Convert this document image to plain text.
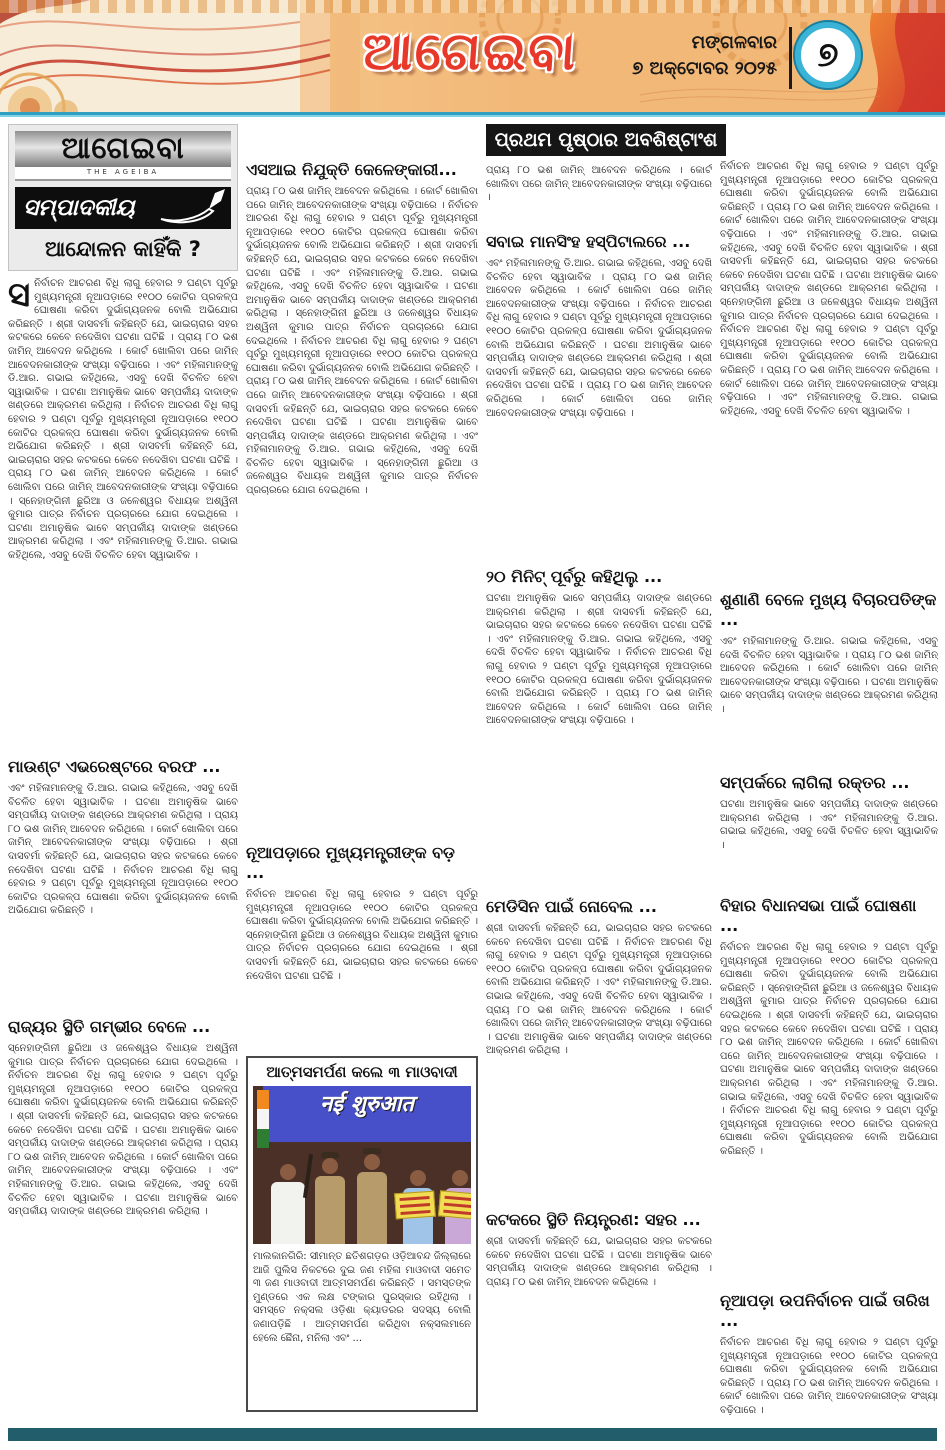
ଆଗେଇବା	ମଙ୍ଗଳବାର
୭ ଅକ୍ଟୋବର ୨୦୨୫ ୭
ଆଗେଇବା
THE AGEIBA
ସମ୍ପାଦକୀୟ
ଆନ୍ଦୋଳନ କାହିଁକି ?
ସନିର୍ବାଚନ ଆଚରଣ ବିଧି ଲାଗୁ ହେବାର ୨ ଘଣ୍ଟା ପୂର୍ବରୁ ମୁଖ୍ୟମନ୍ତ୍ରୀ ନୂଆପଡ଼ାରେ ୧୧୦୦ କୋଟିର ପ୍ରକଳ୍ପ ଘୋଷଣା କରିବା ଦୁର୍ଭାଗ୍ୟଜନକ ବୋଲି ଅଭିଯୋଗ କରିଛନ୍ତି । ଶ୍ରୀ ଦାସବର୍ମା କହିଛନ୍ତି ଯେ, ଭାଇଚାରାର ସହର କଟକରେ କେବେ ନଦେଖିବା ଘଟଣା ଘଟିଛି । ପ୍ରାୟ ୮୦ ଭଶ ଜାମିନ୍ ଆବେଦନ କରିଥିଲେ । କୋର୍ଟ ଖୋଲିବା ପରେ ଜାମିନ୍ ଆବେଦନକାରୀଙ୍କ ସଂଖ୍ୟା ବଢ଼ିପାରେ । ଏବଂ ମହିଳାମାନଙ୍କୁ ଡି.ଆର. ଗଭାଇ କହିଥିଲେ, ଏସବୁ ଦେଖି ବିଚଳିତ ହେବା ସ୍ୱାଭାବିକ । ଘଟଣା ଅମାନୁଷିକ ଭାବେ ସମ୍ପର୍କୀୟ ଦାଦାଙ୍କ ଖଣ୍ଡରେ ଆକ୍ରମଣ କରିଥିଲା । ନିର୍ବାଚନ ଆଚରଣ ବିଧି ଲାଗୁ ହେବାର ୨ ଘଣ୍ଟା ପୂର୍ବରୁ ମୁଖ୍ୟମନ୍ତ୍ରୀ ନୂଆପଡ଼ାରେ ୧୧୦୦ କୋଟିର ପ୍ରକଳ୍ପ ଘୋଷଣା କରିବା ଦୁର୍ଭାଗ୍ୟଜନକ ବୋଲି ଅଭିଯୋଗ କରିଛନ୍ତି । ଶ୍ରୀ ଦାସବର୍ମା କହିଛନ୍ତି ଯେ, ଭାଇଚାରାର ସହର କଟକରେ କେବେ ନଦେଖିବା ଘଟଣା ଘଟିଛି । ପ୍ରାୟ ୮୦ ଭଶ ଜାମିନ୍ ଆବେଦନ କରିଥିଲେ । କୋର୍ଟ ଖୋଲିବା ପରେ ଜାମିନ୍ ଆବେଦନକାରୀଙ୍କ ସଂଖ୍ୟା ବଢ଼ିପାରେ । ସ୍ନେହାଙ୍ଗିନୀ ଛୁରିଆ ଓ ଜଳେଶ୍ୱର ବିଧାୟକ ଅଶ୍ୱିନୀ କୁମାର ପାତ୍ର ନିର୍ବାଚନ ପ୍ରଚାରରେ ଯୋଗ ଦେଇଥିଲେ । ଘଟଣା ଅମାନୁଷିକ ଭାବେ ସମ୍ପର୍କୀୟ ଦାଦାଙ୍କ ଖଣ୍ଡରେ ଆକ୍ରମଣ କରିଥିଲା । ଏବଂ ମହିଳାମାନଙ୍କୁ ଡି.ଆର. ଗଭାଇ କହିଥିଲେ, ଏସବୁ ଦେଖି ବିଚଳିତ ହେବା ସ୍ୱାଭାବିକ ।
ମାଉଣ୍ଟ ଏଭରେଷ୍ଟରେ ବରଫ ...
ଏବଂ ମହିଳାମାନଙ୍କୁ ଡି.ଆର. ଗଭାଇ କହିଥିଲେ, ଏସବୁ ଦେଖି ବିଚଳିତ ହେବା ସ୍ୱାଭାବିକ । ଘଟଣା ଅମାନୁଷିକ ଭାବେ ସମ୍ପର୍କୀୟ ଦାଦାଙ୍କ ଖଣ୍ଡରେ ଆକ୍ରମଣ କରିଥିଲା । ପ୍ରାୟ ୮୦ ଭଶ ଜାମିନ୍ ଆବେଦନ କରିଥିଲେ । କୋର୍ଟ ଖୋଲିବା ପରେ ଜାମିନ୍ ଆବେଦନକାରୀଙ୍କ ସଂଖ୍ୟା ବଢ଼ିପାରେ । ଶ୍ରୀ ଦାସବର୍ମା କହିଛନ୍ତି ଯେ, ଭାଇଚାରାର ସହର କଟକରେ କେବେ ନଦେଖିବା ଘଟଣା ଘଟିଛି । ନିର୍ବାଚନ ଆଚରଣ ବିଧି ଲାଗୁ ହେବାର ୨ ଘଣ୍ଟା ପୂର୍ବରୁ ମୁଖ୍ୟମନ୍ତ୍ରୀ ନୂଆପଡ଼ାରେ ୧୧୦୦ କୋଟିର ପ୍ରକଳ୍ପ ଘୋଷଣା କରିବା ଦୁର୍ଭାଗ୍ୟଜନକ ବୋଲି ଅଭିଯୋଗ କରିଛନ୍ତି ।
ରାଜ୍ୟର ସ୍ଥିତି ଗମ୍ଭୀର ବେଳେ ...
ସ୍ନେହାଙ୍ଗିନୀ ଛୁରିଆ ଓ ଜଳେଶ୍ୱର ବିଧାୟକ ଅଶ୍ୱିନୀ କୁମାର ପାତ୍ର ନିର୍ବାଚନ ପ୍ରଚାରରେ ଯୋଗ ଦେଇଥିଲେ । ନିର୍ବାଚନ ଆଚରଣ ବିଧି ଲାଗୁ ହେବାର ୨ ଘଣ୍ଟା ପୂର୍ବରୁ ମୁଖ୍ୟମନ୍ତ୍ରୀ ନୂଆପଡ଼ାରେ ୧୧୦୦ କୋଟିର ପ୍ରକଳ୍ପ ଘୋଷଣା କରିବା ଦୁର୍ଭାଗ୍ୟଜନକ ବୋଲି ଅଭିଯୋଗ କରିଛନ୍ତି । ଶ୍ରୀ ଦାସବର୍ମା କହିଛନ୍ତି ଯେ, ଭାଇଚାରାର ସହର କଟକରେ କେବେ ନଦେଖିବା ଘଟଣା ଘଟିଛି । ଘଟଣା ଅମାନୁଷିକ ଭାବେ ସମ୍ପର୍କୀୟ ଦାଦାଙ୍କ ଖଣ୍ଡରେ ଆକ୍ରମଣ କରିଥିଲା । ପ୍ରାୟ ୮୦ ଭଶ ଜାମିନ୍ ଆବେଦନ କରିଥିଲେ । କୋର୍ଟ ଖୋଲିବା ପରେ ଜାମିନ୍ ଆବେଦନକାରୀଙ୍କ ସଂଖ୍ୟା ବଢ଼ିପାରେ । ଏବଂ ମହିଳାମାନଙ୍କୁ ଡି.ଆର. ଗଭାଇ କହିଥିଲେ, ଏସବୁ ଦେଖି ବିଚଳିତ ହେବା ସ୍ୱାଭାବିକ । ଘଟଣା ଅମାନୁଷିକ ଭାବେ ସମ୍ପର୍କୀୟ ଦାଦାଙ୍କ ଖଣ୍ଡରେ ଆକ୍ରମଣ କରିଥିଲା ।
ଏସଆଇ ନିଯୁକ୍ତି କେଳେଙ୍କାରୀ...
ପ୍ରାୟ ୮୦ ଭଶ ଜାମିନ୍ ଆବେଦନ କରିଥିଲେ । କୋର୍ଟ ଖୋଲିବା ପରେ ଜାମିନ୍ ଆବେଦନକାରୀଙ୍କ ସଂଖ୍ୟା ବଢ଼ିପାରେ । ନିର୍ବାଚନ ଆଚରଣ ବିଧି ଲାଗୁ ହେବାର ୨ ଘଣ୍ଟା ପୂର୍ବରୁ ମୁଖ୍ୟମନ୍ତ୍ରୀ ନୂଆପଡ଼ାରେ ୧୧୦୦ କୋଟିର ପ୍ରକଳ୍ପ ଘୋଷଣା କରିବା ଦୁର୍ଭାଗ୍ୟଜନକ ବୋଲି ଅଭିଯୋଗ କରିଛନ୍ତି । ଶ୍ରୀ ଦାସବର୍ମା କହିଛନ୍ତି ଯେ, ଭାଇଚାରାର ସହର କଟକରେ କେବେ ନଦେଖିବା ଘଟଣା ଘଟିଛି । ଏବଂ ମହିଳାମାନଙ୍କୁ ଡି.ଆର. ଗଭାଇ କହିଥିଲେ, ଏସବୁ ଦେଖି ବିଚଳିତ ହେବା ସ୍ୱାଭାବିକ । ଘଟଣା ଅମାନୁଷିକ ଭାବେ ସମ୍ପର୍କୀୟ ଦାଦାଙ୍କ ଖଣ୍ଡରେ ଆକ୍ରମଣ କରିଥିଲା । ସ୍ନେହାଙ୍ଗିନୀ ଛୁରିଆ ଓ ଜଳେଶ୍ୱର ବିଧାୟକ ଅଶ୍ୱିନୀ କୁମାର ପାତ୍ର ନିର୍ବାଚନ ପ୍ରଚାରରେ ଯୋଗ ଦେଇଥିଲେ । ନିର୍ବାଚନ ଆଚରଣ ବିଧି ଲାଗୁ ହେବାର ୨ ଘଣ୍ଟା ପୂର୍ବରୁ ମୁଖ୍ୟମନ୍ତ୍ରୀ ନୂଆପଡ଼ାରେ ୧୧୦୦ କୋଟିର ପ୍ରକଳ୍ପ ଘୋଷଣା କରିବା ଦୁର୍ଭାଗ୍ୟଜନକ ବୋଲି ଅଭିଯୋଗ କରିଛନ୍ତି । ପ୍ରାୟ ୮୦ ଭଶ ଜାମିନ୍ ଆବେଦନ କରିଥିଲେ । କୋର୍ଟ ଖୋଲିବା ପରେ ଜାମିନ୍ ଆବେଦନକାରୀଙ୍କ ସଂଖ୍ୟା ବଢ଼ିପାରେ । ଶ୍ରୀ ଦାସବର୍ମା କହିଛନ୍ତି ଯେ, ଭାଇଚାରାର ସହର କଟକରେ କେବେ ନଦେଖିବା ଘଟଣା ଘଟିଛି । ଘଟଣା ଅମାନୁଷିକ ଭାବେ ସମ୍ପର୍କୀୟ ଦାଦାଙ୍କ ଖଣ୍ଡରେ ଆକ୍ରମଣ କରିଥିଲା । ଏବଂ ମହିଳାମାନଙ୍କୁ ଡି.ଆର. ଗଭାଇ କହିଥିଲେ, ଏସବୁ ଦେଖି ବିଚଳିତ ହେବା ସ୍ୱାଭାବିକ । ସ୍ନେହାଙ୍ଗିନୀ ଛୁରିଆ ଓ ଜଳେଶ୍ୱର ବିଧାୟକ ଅଶ୍ୱିନୀ କୁମାର ପାତ୍ର ନିର୍ବାଚନ ପ୍ରଚାରରେ ଯୋଗ ଦେଇଥିଲେ ।
ନୂଆପଡ଼ାରେ ମୁଖ୍ୟମନ୍ତ୍ରୀଙ୍କ ବଡ଼ ...
ନିର୍ବାଚନ ଆଚରଣ ବିଧି ଲାଗୁ ହେବାର ୨ ଘଣ୍ଟା ପୂର୍ବରୁ ମୁଖ୍ୟମନ୍ତ୍ରୀ ନୂଆପଡ଼ାରେ ୧୧୦୦ କୋଟିର ପ୍ରକଳ୍ପ ଘୋଷଣା କରିବା ଦୁର୍ଭାଗ୍ୟଜନକ ବୋଲି ଅଭିଯୋଗ କରିଛନ୍ତି । ସ୍ନେହାଙ୍ଗିନୀ ଛୁରିଆ ଓ ଜଳେଶ୍ୱର ବିଧାୟକ ଅଶ୍ୱିନୀ କୁମାର ପାତ୍ର ନିର୍ବାଚନ ପ୍ରଚାରରେ ଯୋଗ ଦେଇଥିଲେ । ଶ୍ରୀ ଦାସବର୍ମା କହିଛନ୍ତି ଯେ, ଭାଇଚାରାର ସହର କଟକରେ କେବେ ନଦେଖିବା ଘଟଣା ଘଟିଛି ।
ଆତ୍ମସମର୍ପଣ କଲେ ୩ ମାଓବାଦୀ
नई शुरुआत
ମାଲକାନଗିରି: ସୀମାନ୍ତ ଛତିଶଗଡ଼ର ଓଡ଼ିଆବନ୍ଦ ଜିଲ୍ଲାରେ ଆଜି ପୁଲିସ ନିକଟରେ ଦୁଇ ଜଣ ମହିଳା ମାଓବାଦୀ ସମେତ ୩ ଜଣ ମାଓବାଦୀ ଆତ୍ମସମର୍ପଣ କରିଛନ୍ତି । ସମସ୍ତଙ୍କ ମୁଣ୍ଡରେ ଏକ ଲକ୍ଷ ଟଙ୍କାର ପୁରସ୍କାର ରହିଥିଲା । ସମସ୍ତେ ନକ୍ସଲ ଓଡ଼ିଶା କ୍ୟାଡରର ସଦସ୍ୟ ବୋଲି ଜଣାପଡ଼ିଛି । ଆତ୍ମସମର୍ପଣ କରିଥିବା ନକ୍ସଲମାନେ ହେଲେ ଛୈନା, ମନିଲା ଏବଂ ...
ପ୍ରଥମ ପୃଷ୍ଠାର ଅବଶିଷ୍ଟାଂଶ
ପ୍ରାୟ ୮୦ ଭଶ ଜାମିନ୍ ଆବେଦନ କରିଥିଲେ । କୋର୍ଟ ଖୋଲିବା ପରେ ଜାମିନ୍ ଆବେଦନକାରୀଙ୍କ ସଂଖ୍ୟା ବଢ଼ିପାରେ ।
ସବାଇ ମାନସିଂହ ହସ୍ପିଟାଲରେ ...
ଏବଂ ମହିଳାମାନଙ୍କୁ ଡି.ଆର. ଗଭାଇ କହିଥିଲେ, ଏସବୁ ଦେଖି ବିଚଳିତ ହେବା ସ୍ୱାଭାବିକ । ପ୍ରାୟ ୮୦ ଭଶ ଜାମିନ୍ ଆବେଦନ କରିଥିଲେ । କୋର୍ଟ ଖୋଲିବା ପରେ ଜାମିନ୍ ଆବେଦନକାରୀଙ୍କ ସଂଖ୍ୟା ବଢ଼ିପାରେ । ନିର୍ବାଚନ ଆଚରଣ ବିଧି ଲାଗୁ ହେବାର ୨ ଘଣ୍ଟା ପୂର୍ବରୁ ମୁଖ୍ୟମନ୍ତ୍ରୀ ନୂଆପଡ଼ାରେ ୧୧୦୦ କୋଟିର ପ୍ରକଳ୍ପ ଘୋଷଣା କରିବା ଦୁର୍ଭାଗ୍ୟଜନକ ବୋଲି ଅଭିଯୋଗ କରିଛନ୍ତି । ଘଟଣା ଅମାନୁଷିକ ଭାବେ ସମ୍ପର୍କୀୟ ଦାଦାଙ୍କ ଖଣ୍ଡରେ ଆକ୍ରମଣ କରିଥିଲା । ଶ୍ରୀ ଦାସବର୍ମା କହିଛନ୍ତି ଯେ, ଭାଇଚାରାର ସହର କଟକରେ କେବେ ନଦେଖିବା ଘଟଣା ଘଟିଛି । ପ୍ରାୟ ୮୦ ଭଶ ଜାମିନ୍ ଆବେଦନ କରିଥିଲେ । କୋର୍ଟ ଖୋଲିବା ପରେ ଜାମିନ୍ ଆବେଦନକାରୀଙ୍କ ସଂଖ୍ୟା ବଢ଼ିପାରେ ।
୨୦ ମିନିଟ୍ ପୂର୍ବରୁ କହିଥିଲୁ ...
ଘଟଣା ଅମାନୁଷିକ ଭାବେ ସମ୍ପର୍କୀୟ ଦାଦାଙ୍କ ଖଣ୍ଡରେ ଆକ୍ରମଣ କରିଥିଲା । ଶ୍ରୀ ଦାସବର୍ମା କହିଛନ୍ତି ଯେ, ଭାଇଚାରାର ସହର କଟକରେ କେବେ ନଦେଖିବା ଘଟଣା ଘଟିଛି । ଏବଂ ମହିଳାମାନଙ୍କୁ ଡି.ଆର. ଗଭାଇ କହିଥିଲେ, ଏସବୁ ଦେଖି ବିଚଳିତ ହେବା ସ୍ୱାଭାବିକ । ନିର୍ବାଚନ ଆଚରଣ ବିଧି ଲାଗୁ ହେବାର ୨ ଘଣ୍ଟା ପୂର୍ବରୁ ମୁଖ୍ୟମନ୍ତ୍ରୀ ନୂଆପଡ଼ାରେ ୧୧୦୦ କୋଟିର ପ୍ରକଳ୍ପ ଘୋଷଣା କରିବା ଦୁର୍ଭାଗ୍ୟଜନକ ବୋଲି ଅଭିଯୋଗ କରିଛନ୍ତି । ପ୍ରାୟ ୮୦ ଭଶ ଜାମିନ୍ ଆବେଦନ କରିଥିଲେ । କୋର୍ଟ ଖୋଲିବା ପରେ ଜାମିନ୍ ଆବେଦନକାରୀଙ୍କ ସଂଖ୍ୟା ବଢ଼ିପାରେ ।
ମେଡିସିନ ପାଇଁ ନୋବେଲ ...
ଶ୍ରୀ ଦାସବର୍ମା କହିଛନ୍ତି ଯେ, ଭାଇଚାରାର ସହର କଟକରେ କେବେ ନଦେଖିବା ଘଟଣା ଘଟିଛି । ନିର୍ବାଚନ ଆଚରଣ ବିଧି ଲାଗୁ ହେବାର ୨ ଘଣ୍ଟା ପୂର୍ବରୁ ମୁଖ୍ୟମନ୍ତ୍ରୀ ନୂଆପଡ଼ାରେ ୧୧୦୦ କୋଟିର ପ୍ରକଳ୍ପ ଘୋଷଣା କରିବା ଦୁର୍ଭାଗ୍ୟଜନକ ବୋଲି ଅଭିଯୋଗ କରିଛନ୍ତି । ଏବଂ ମହିଳାମାନଙ୍କୁ ଡି.ଆର. ଗଭାଇ କହିଥିଲେ, ଏସବୁ ଦେଖି ବିଚଳିତ ହେବା ସ୍ୱାଭାବିକ । ପ୍ରାୟ ୮୦ ଭଶ ଜାମିନ୍ ଆବେଦନ କରିଥିଲେ । କୋର୍ଟ ଖୋଲିବା ପରେ ଜାମିନ୍ ଆବେଦନକାରୀଙ୍କ ସଂଖ୍ୟା ବଢ଼ିପାରେ । ଘଟଣା ଅମାନୁଷିକ ଭାବେ ସମ୍ପର୍କୀୟ ଦାଦାଙ୍କ ଖଣ୍ଡରେ ଆକ୍ରମଣ କରିଥିଲା ।
କଟକରେ ସ୍ଥିତି ନିୟନ୍ତ୍ରଣ: ସହର ...
ଶ୍ରୀ ଦାସବର୍ମା କହିଛନ୍ତି ଯେ, ଭାଇଚାରାର ସହର କଟକରେ କେବେ ନଦେଖିବା ଘଟଣା ଘଟିଛି । ଘଟଣା ଅମାନୁଷିକ ଭାବେ ସମ୍ପର୍କୀୟ ଦାଦାଙ୍କ ଖଣ୍ଡରେ ଆକ୍ରମଣ କରିଥିଲା । ପ୍ରାୟ ୮୦ ଭଶ ଜାମିନ୍ ଆବେଦନ କରିଥିଲେ ।
ନିର୍ବାଚନ ଆଚରଣ ବିଧି ଲାଗୁ ହେବାର ୨ ଘଣ୍ଟା ପୂର୍ବରୁ ମୁଖ୍ୟମନ୍ତ୍ରୀ ନୂଆପଡ଼ାରେ ୧୧୦୦ କୋଟିର ପ୍ରକଳ୍ପ ଘୋଷଣା କରିବା ଦୁର୍ଭାଗ୍ୟଜନକ ବୋଲି ଅଭିଯୋଗ କରିଛନ୍ତି । ପ୍ରାୟ ୮୦ ଭଶ ଜାମିନ୍ ଆବେଦନ କରିଥିଲେ । କୋର୍ଟ ଖୋଲିବା ପରେ ଜାମିନ୍ ଆବେଦନକାରୀଙ୍କ ସଂଖ୍ୟା ବଢ଼ିପାରେ । ଏବଂ ମହିଳାମାନଙ୍କୁ ଡି.ଆର. ଗଭାଇ କହିଥିଲେ, ଏସବୁ ଦେଖି ବିଚଳିତ ହେବା ସ୍ୱାଭାବିକ । ଶ୍ରୀ ଦାସବର୍ମା କହିଛନ୍ତି ଯେ, ଭାଇଚାରାର ସହର କଟକରେ କେବେ ନଦେଖିବା ଘଟଣା ଘଟିଛି । ଘଟଣା ଅମାନୁଷିକ ଭାବେ ସମ୍ପର୍କୀୟ ଦାଦାଙ୍କ ଖଣ୍ଡରେ ଆକ୍ରମଣ କରିଥିଲା । ସ୍ନେହାଙ୍ଗିନୀ ଛୁରିଆ ଓ ଜଳେଶ୍ୱର ବିଧାୟକ ଅଶ୍ୱିନୀ କୁମାର ପାତ୍ର ନିର୍ବାଚନ ପ୍ରଚାରରେ ଯୋଗ ଦେଇଥିଲେ । ନିର୍ବାଚନ ଆଚରଣ ବିଧି ଲାଗୁ ହେବାର ୨ ଘଣ୍ଟା ପୂର୍ବରୁ ମୁଖ୍ୟମନ୍ତ୍ରୀ ନୂଆପଡ଼ାରେ ୧୧୦୦ କୋଟିର ପ୍ରକଳ୍ପ ଘୋଷଣା କରିବା ଦୁର୍ଭାଗ୍ୟଜନକ ବୋଲି ଅଭିଯୋଗ କରିଛନ୍ତି । ପ୍ରାୟ ୮୦ ଭଶ ଜାମିନ୍ ଆବେଦନ କରିଥିଲେ । କୋର୍ଟ ଖୋଲିବା ପରେ ଜାମିନ୍ ଆବେଦନକାରୀଙ୍କ ସଂଖ୍ୟା ବଢ଼ିପାରେ । ଏବଂ ମହିଳାମାନଙ୍କୁ ଡି.ଆର. ଗଭାଇ କହିଥିଲେ, ଏସବୁ ଦେଖି ବିଚଳିତ ହେବା ସ୍ୱାଭାବିକ ।
ଶୁଣାଣି ବେଳେ ମୁଖ୍ୟ ବିଚାରପତିଙ୍କ ...
ଏବଂ ମହିଳାମାନଙ୍କୁ ଡି.ଆର. ଗଭାଇ କହିଥିଲେ, ଏସବୁ ଦେଖି ବିଚଳିତ ହେବା ସ୍ୱାଭାବିକ । ପ୍ରାୟ ୮୦ ଭଶ ଜାମିନ୍ ଆବେଦନ କରିଥିଲେ । କୋର୍ଟ ଖୋଲିବା ପରେ ଜାମିନ୍ ଆବେଦନକାରୀଙ୍କ ସଂଖ୍ୟା ବଢ଼ିପାରେ । ଘଟଣା ଅମାନୁଷିକ ଭାବେ ସମ୍ପର୍କୀୟ ଦାଦାଙ୍କ ଖଣ୍ଡରେ ଆକ୍ରମଣ କରିଥିଲା ।
ସମ୍ପର୍କରେ ଲାଗିଲା ରକ୍ତର ...
ଘଟଣା ଅମାନୁଷିକ ଭାବେ ସମ୍ପର୍କୀୟ ଦାଦାଙ୍କ ଖଣ୍ଡରେ ଆକ୍ରମଣ କରିଥିଲା । ଏବଂ ମହିଳାମାନଙ୍କୁ ଡି.ଆର. ଗଭାଇ କହିଥିଲେ, ଏସବୁ ଦେଖି ବିଚଳିତ ହେବା ସ୍ୱାଭାବିକ ।
ବିହାର ବିଧାନସଭା ପାଇଁ ଘୋଷଣା ...
ନିର୍ବାଚନ ଆଚରଣ ବିଧି ଲାଗୁ ହେବାର ୨ ଘଣ୍ଟା ପୂର୍ବରୁ ମୁଖ୍ୟମନ୍ତ୍ରୀ ନୂଆପଡ଼ାରେ ୧୧୦୦ କୋଟିର ପ୍ରକଳ୍ପ ଘୋଷଣା କରିବା ଦୁର୍ଭାଗ୍ୟଜନକ ବୋଲି ଅଭିଯୋଗ କରିଛନ୍ତି । ସ୍ନେହାଙ୍ଗିନୀ ଛୁରିଆ ଓ ଜଳେଶ୍ୱର ବିଧାୟକ ଅଶ୍ୱିନୀ କୁମାର ପାତ୍ର ନିର୍ବାଚନ ପ୍ରଚାରରେ ଯୋଗ ଦେଇଥିଲେ । ଶ୍ରୀ ଦାସବର୍ମା କହିଛନ୍ତି ଯେ, ଭାଇଚାରାର ସହର କଟକରେ କେବେ ନଦେଖିବା ଘଟଣା ଘଟିଛି । ପ୍ରାୟ ୮୦ ଭଶ ଜାମିନ୍ ଆବେଦନ କରିଥିଲେ । କୋର୍ଟ ଖୋଲିବା ପରେ ଜାମିନ୍ ଆବେଦନକାରୀଙ୍କ ସଂଖ୍ୟା ବଢ଼ିପାରେ । ଘଟଣା ଅମାନୁଷିକ ଭାବେ ସମ୍ପର୍କୀୟ ଦାଦାଙ୍କ ଖଣ୍ଡରେ ଆକ୍ରମଣ କରିଥିଲା । ଏବଂ ମହିଳାମାନଙ୍କୁ ଡି.ଆର. ଗଭାଇ କହିଥିଲେ, ଏସବୁ ଦେଖି ବିଚଳିତ ହେବା ସ୍ୱାଭାବିକ । ନିର୍ବାଚନ ଆଚରଣ ବିଧି ଲାଗୁ ହେବାର ୨ ଘଣ୍ଟା ପୂର୍ବରୁ ମୁଖ୍ୟମନ୍ତ୍ରୀ ନୂଆପଡ଼ାରେ ୧୧୦୦ କୋଟିର ପ୍ରକଳ୍ପ ଘୋଷଣା କରିବା ଦୁର୍ଭାଗ୍ୟଜନକ ବୋଲି ଅଭିଯୋଗ କରିଛନ୍ତି ।
ନୂଆପଡ଼ା ଉପନିର୍ବାଚନ ପାଇଁ ତାରିଖ ...
ନିର୍ବାଚନ ଆଚରଣ ବିଧି ଲାଗୁ ହେବାର ୨ ଘଣ୍ଟା ପୂର୍ବରୁ ମୁଖ୍ୟମନ୍ତ୍ରୀ ନୂଆପଡ଼ାରେ ୧୧୦୦ କୋଟିର ପ୍ରକଳ୍ପ ଘୋଷଣା କରିବା ଦୁର୍ଭାଗ୍ୟଜନକ ବୋଲି ଅଭିଯୋଗ କରିଛନ୍ତି । ପ୍ରାୟ ୮୦ ଭଶ ଜାମିନ୍ ଆବେଦନ କରିଥିଲେ । କୋର୍ଟ ଖୋଲିବା ପରେ ଜାମିନ୍ ଆବେଦନକାରୀଙ୍କ ସଂଖ୍ୟା ବଢ଼ିପାରେ ।
